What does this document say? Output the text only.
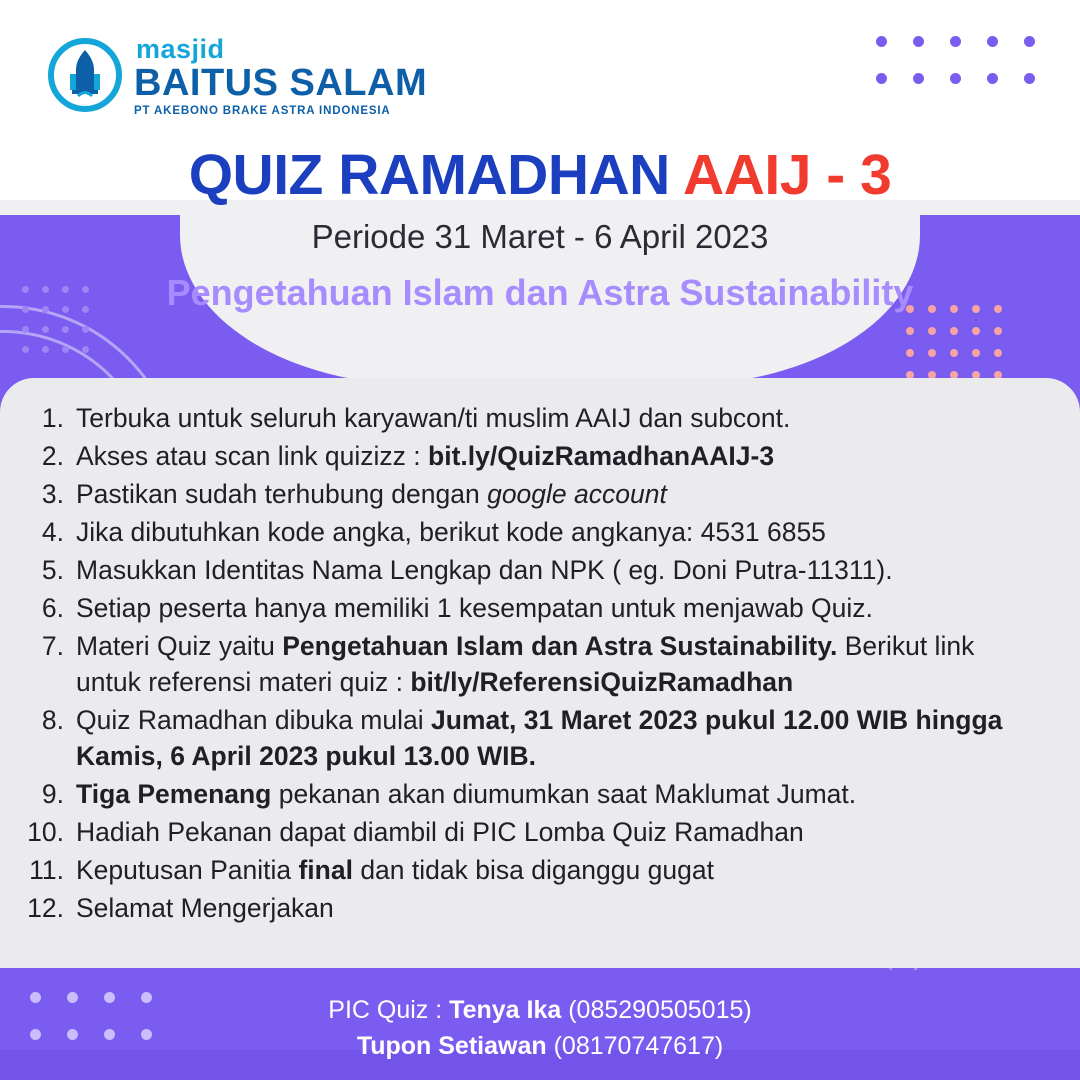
masjid
BAITUS SALAM
PT AKEBONO BRAKE ASTRA INDONESIA
QUIZ RAMADHAN AAIJ - 3
Periode 31 Maret - 6 April 2023
Pengetahuan Islam dan Astra Sustainability
Terbuka untuk seluruh karyawan/ti muslim AAIJ dan subcont.
Akses atau scan link quizizz : bit.ly/QuizRamadhanAAIJ-3
Pastikan sudah terhubung dengan google account
Jika dibutuhkan kode angka, berikut kode angkanya: 4531 6855
Masukkan Identitas Nama Lengkap dan NPK ( eg. Doni Putra-11311).
Setiap peserta hanya memiliki 1 kesempatan untuk menjawab Quiz.
Materi Quiz yaitu Pengetahuan Islam dan Astra Sustainability. Berikut link untuk referensi materi quiz : bit/ly/ReferensiQuizRamadhan
Quiz Ramadhan dibuka mulai Jumat, 31 Maret 2023 pukul 12.00 WIB hingga Kamis, 6 April 2023 pukul 13.00 WIB.
Tiga Pemenang pekanan akan diumumkan saat Maklumat Jumat.
Hadiah Pekanan dapat diambil di PIC Lomba Quiz Ramadhan
Keputusan Panitia final dan tidak bisa diganggu gugat
Selamat Mengerjakan
PIC Quiz : Tenya Ika (085290505015)
Tupon Setiawan (08170747617)
